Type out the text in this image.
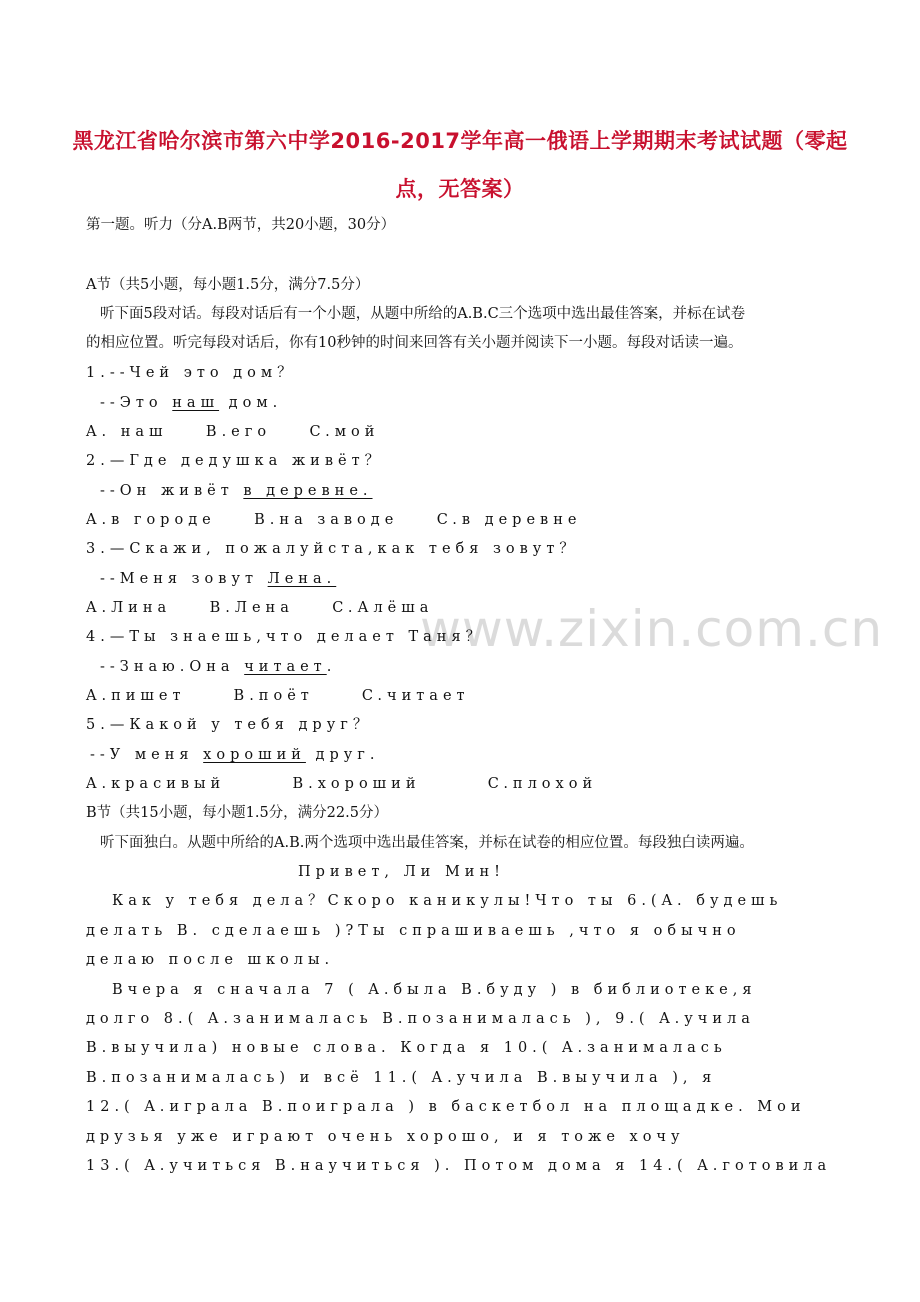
www.zixin.com.cn
黑龙江省哈尔滨市第六中学2016-2017学年高一俄语上学期期末考试试题（零起
点，无答案）
第一题。听力（分A.B两节，共20小题，30分）
A节（共5小题，每小题1.5分，满分7.5分）
听下面5段对话。每段对话后有一个小题，从题中所给的A.B.C三个选项中选出最佳答案，并标在试卷
的相应位置。听完每段对话后，你有10秒钟的时间来回答有关小题并阅读下一小题。每段对话读一遍。
1.--Чей это дом？
--Это наш дом.
A. наш    B.его    C.мой
2.—Где дедушка живёт？
--Он живёт в деревне.
A.в городе    B.на заводе    C.в деревне
3.—Скажи, пожалуйста,как тебя зовут？
--Меня зовут Лена.
A.Лина    B.Лена    C.Алёша
4.—Ты знаешь,что делает Таня？
--Знаю.Она читает.
A.пишет     B.поёт     C.читает
5.—Какой у тебя друг？
--У меня хороший друг.
A.красивый       B.хороший       C.плохой
B节（共15小题，每小题1.5分，满分22.5分）
听下面独白。从题中所给的A.B.两个选项中选出最佳答案，并标在试卷的相应位置。每段独白读两遍。
Привет, Ли Мин!
Как у тебя дела？Скоро каникулы!Что ты 6.(A. будешь
делать B. сделаешь )?Ты спрашиваешь ,что я обычно
делаю после школы.
Вчера я сначала 7 ( A.была B.буду ) в библиотеке,я
долго 8.( A.занималась B.позанималась ), 9.( A.учила
B.выучила) новые слова. Когда я 10.( A.занималась
B.позанималась) и всё 11.( A.учила B.выучила ), я
12.( A.играла B.поиграла ) в баскетбол на площадке. Мои
друзья уже играют очень хорошо, и я тоже хочу
13.( A.учиться B.научиться ). Потом дома я 14.( A.готовила
